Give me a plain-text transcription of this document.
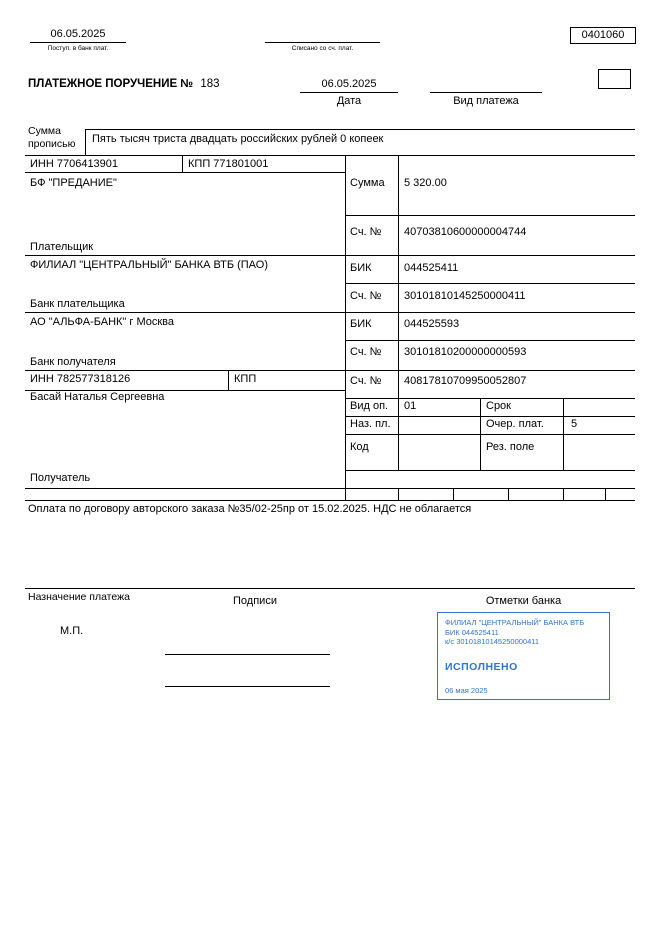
06.05.2025
Поступ. в банк плат.	Списано со сч. плат.
0401060
ПЛАТЕЖНОЕ ПОРУЧЕНИЕ № 183	06.05.2025
Дата	Вид платежа
Сумма
прописью Пять тысяч триста двадцать российских рублей 0 копеек
ИНН 7706413901	КПП 771801001
БФ "ПРЕДАНИЕ"
Плательщик
ФИЛИАЛ "ЦЕНТРАЛЬНЫЙ" БАНКА ВТБ (ПАО)
Банк плательщика
АО "АЛЬФА-БАНК" г Москва
Банк получателя
ИНН 782577318126	КПП
Басай Наталья Сергеевна
Получатель
Сумма 5 320.00
Сч. № 40703810600000004744
БИК	044525411
Сч. № 30101810145250000411
БИК	044525593
Сч. № 30101810200000000593
Сч. № 40817810709950052807
Вид оп. 01	Срок
Наз. пл.	Очер. плат. 5
Код	Рез. поле
Оплата по договору авторского заказа №35/02-25пр от 15.02.2025. НДС не облагается
Назначение платежа	Подписи	Отметки банка
М.П.
ФИЛИАЛ "ЦЕНТРАЛЬНЫЙ" БАНКА ВТБ
БИК 044525411
к/с 30101810145250000411
ИСПОЛНЕНО
06 мая 2025
